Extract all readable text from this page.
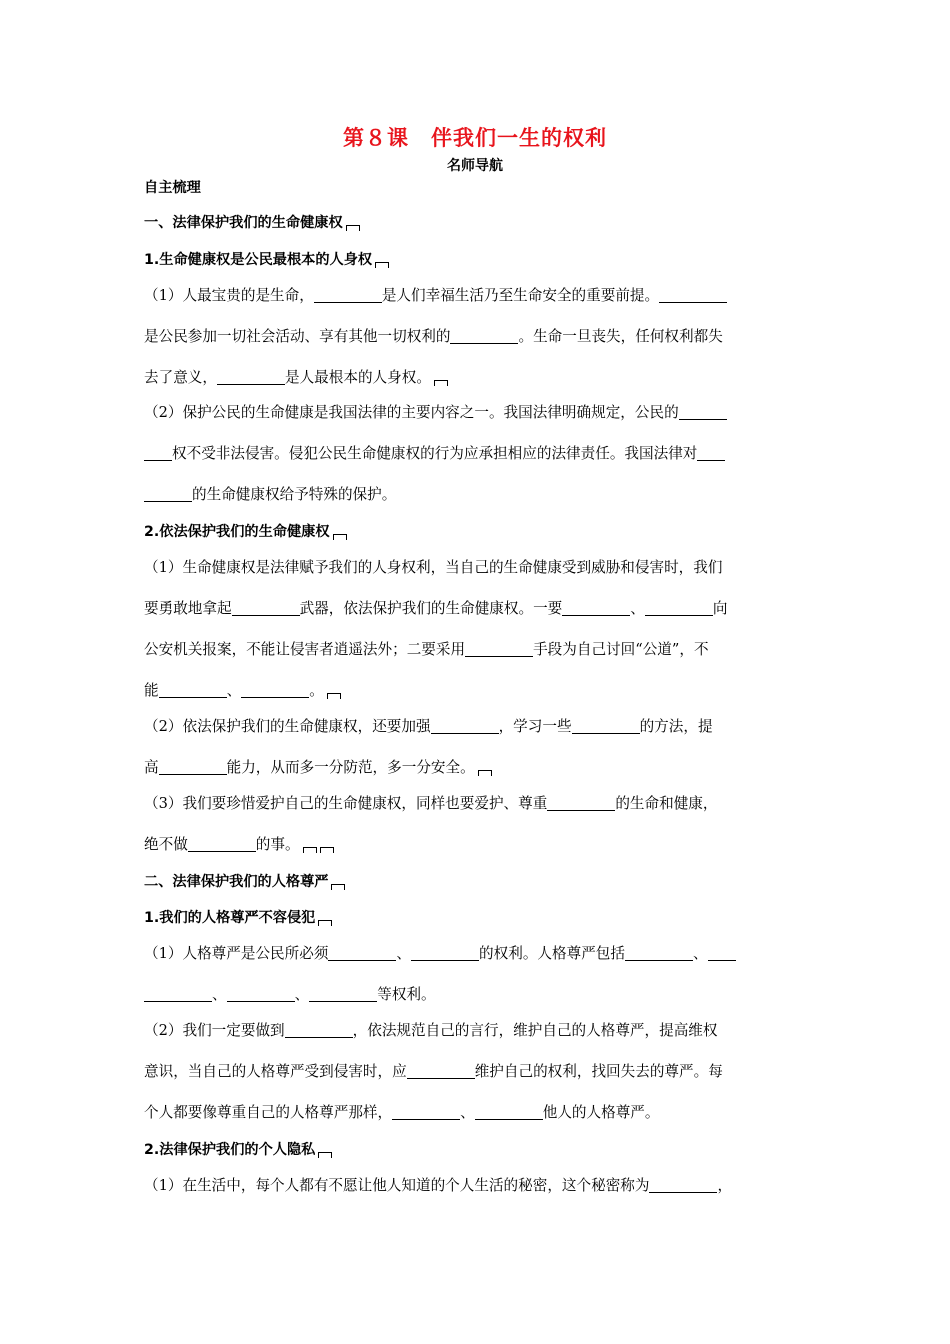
第８课　伴我们一生的权利
名师导航
自主梳理
一、法律保护我们的生命健康权
1.生命健康权是公民最根本的人身权
（1）人最宝贵的是生命，	是人们幸福生活乃至生命安全的重要前提。
是公民参加一切社会活动、享有其他一切权利的	。生命一旦丧失，任何权利都失
去了意义，	是人最根本的人身权。
（2）保护公民的生命健康是我国法律的主要内容之一。我国法律明确规定，公民的
权不受非法侵害。侵犯公民生命健康权的行为应承担相应的法律责任。我国法律对
的生命健康权给予特殊的保护。
2.依法保护我们的生命健康权
（1）生命健康权是法律赋予我们的人身权利，当自己的生命健康受到威胁和侵害时，我们
要勇敢地拿起	武器，依法保护我们的生命健康权。一要	、	向
公安机关报案，不能让侵害者逍遥法外；二要采用	手段为自己讨回“公道”，不
能	、	。
（2）依法保护我们的生命健康权，还要加强	，学习一些	的方法，提
高	能力，从而多一分防范，多一分安全。
（3）我们要珍惜爱护自己的生命健康权，同样也要爱护、尊重	的生命和健康，
绝不做	的事。
二、法律保护我们的人格尊严
1.我们的人格尊严不容侵犯
（1）人格尊严是公民所必须	、	的权利。人格尊严包括	、
、	、	等权利。
（2）我们一定要做到	，依法规范自己的言行，维护自己的人格尊严，提高维权
意识，当自己的人格尊严受到侵害时，应	维护自己的权利，找回失去的尊严。每
个人都要像尊重自己的人格尊严那样，	、	他人的人格尊严。
2.法律保护我们的个人隐私
（1）在生活中，每个人都有不愿让他人知道的个人生活的秘密，这个秘密称为	，
